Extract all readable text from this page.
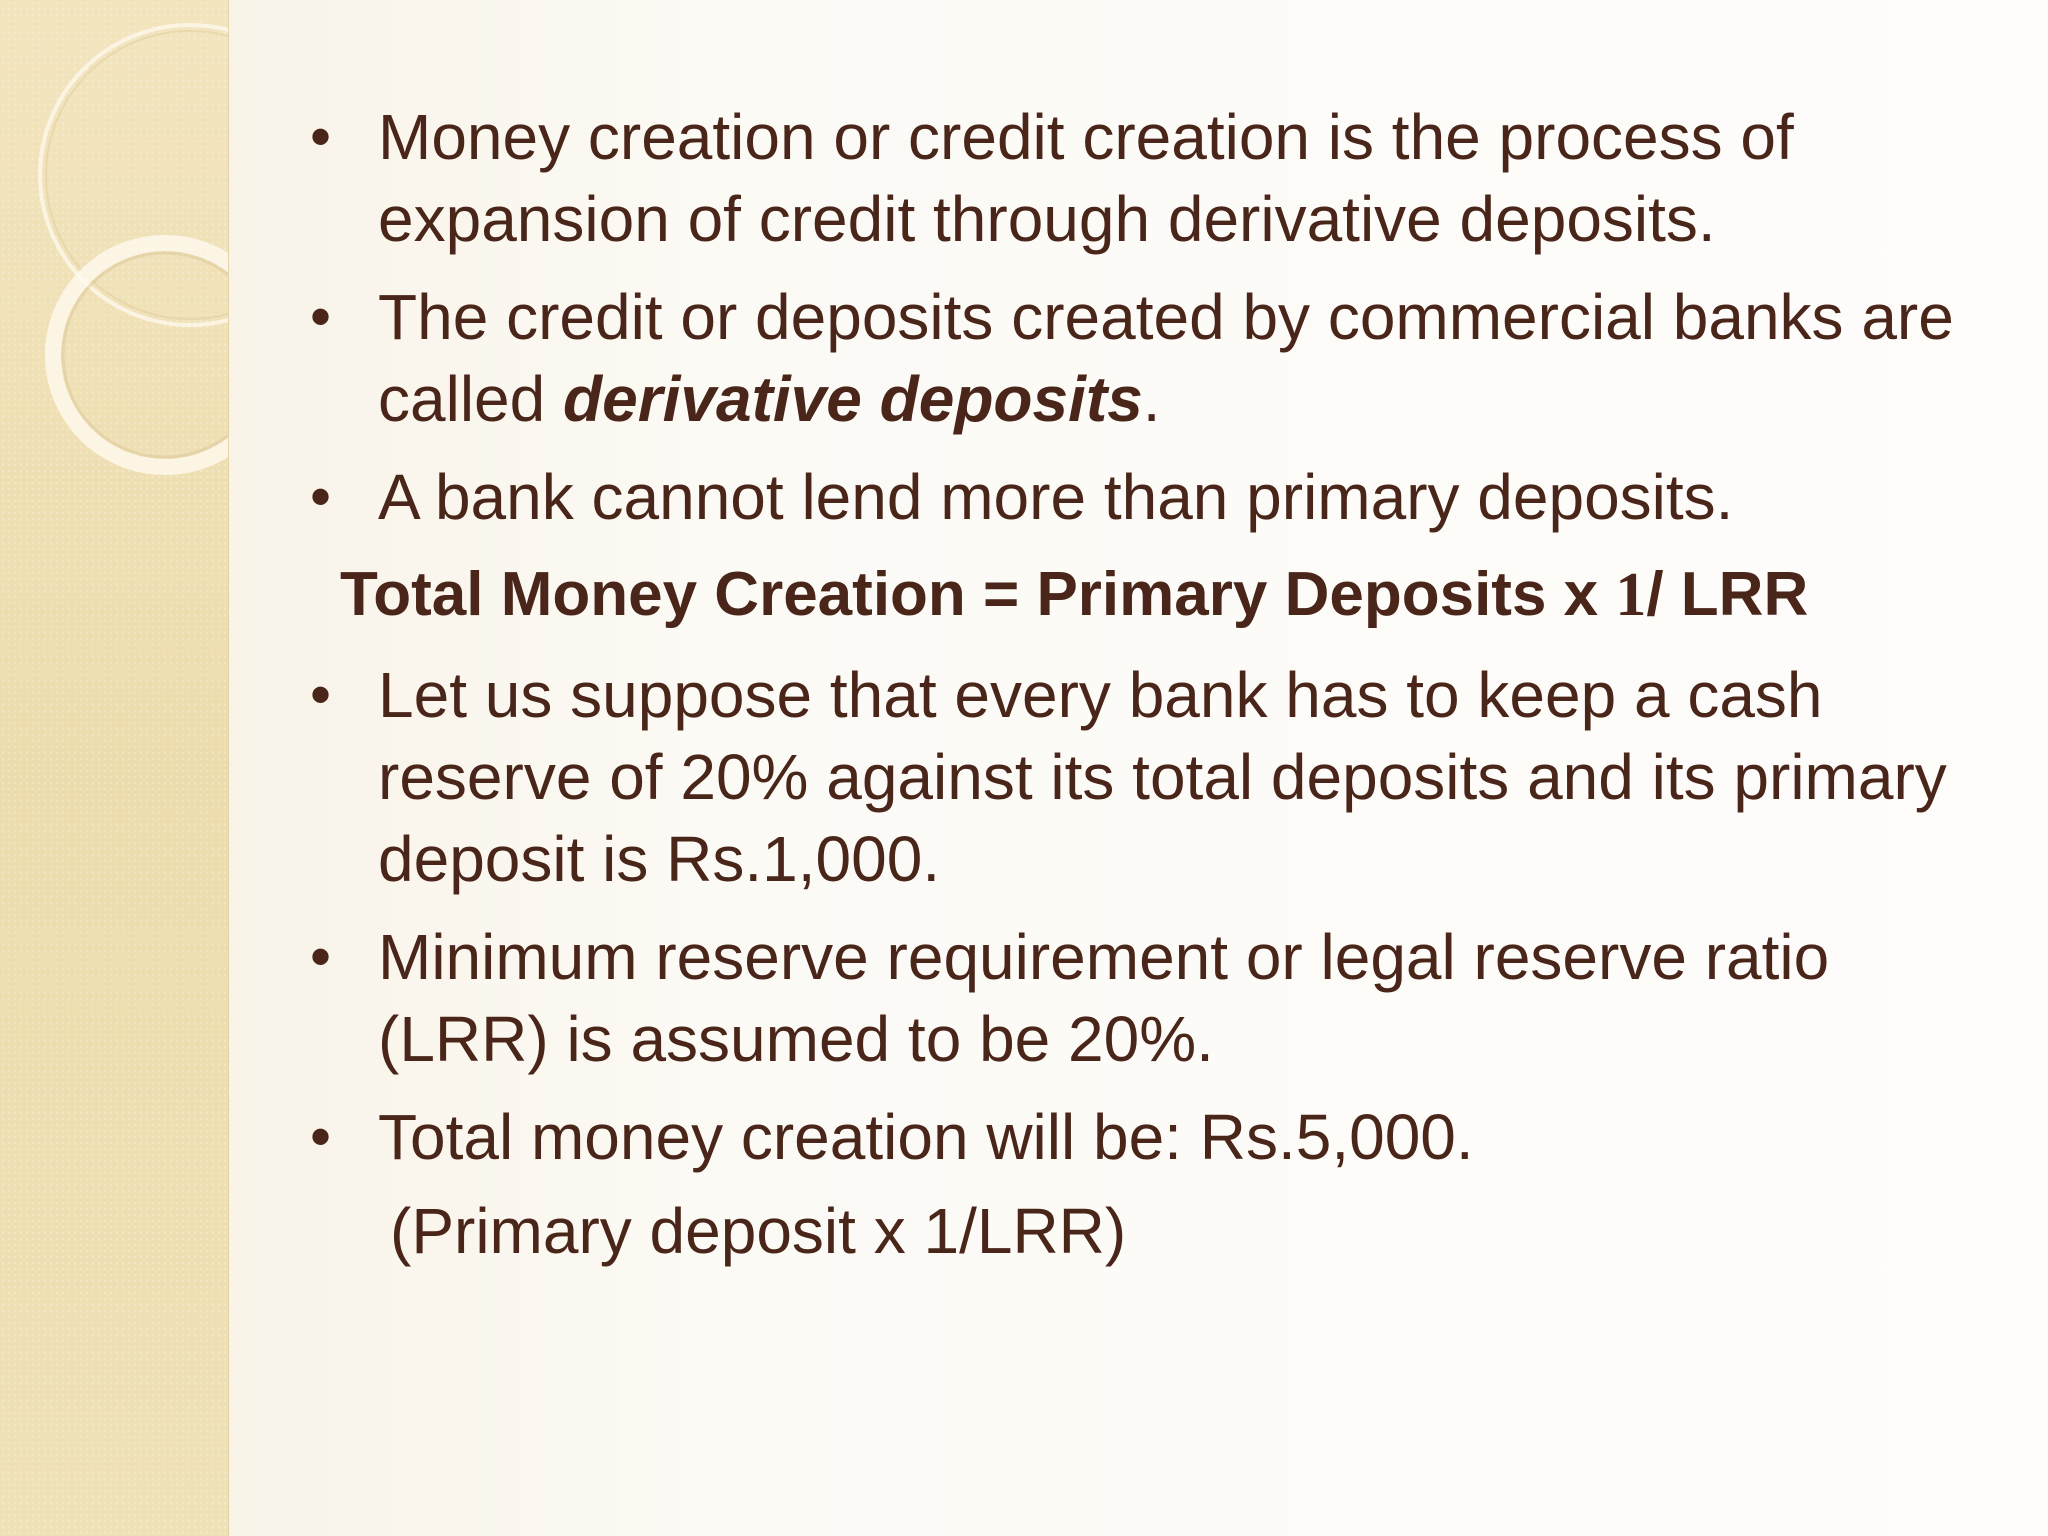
• Money creation or credit creation is the process of expansion of credit through derivative deposits.
• The credit or deposits created by commercial banks are called derivative deposits.
• A bank cannot lend more than primary deposits.
Total Money Creation = Primary Deposits x 1/ LRR
• Let us suppose that every bank has to keep a cash reserve of 20% against its total deposits and its primary deposit is Rs.1,000.
• Minimum reserve requirement or legal reserve ratio (LRR) is assumed to be 20%.
• Total money creation will be: Rs.5,000.
(Primary deposit x 1/LRR)
